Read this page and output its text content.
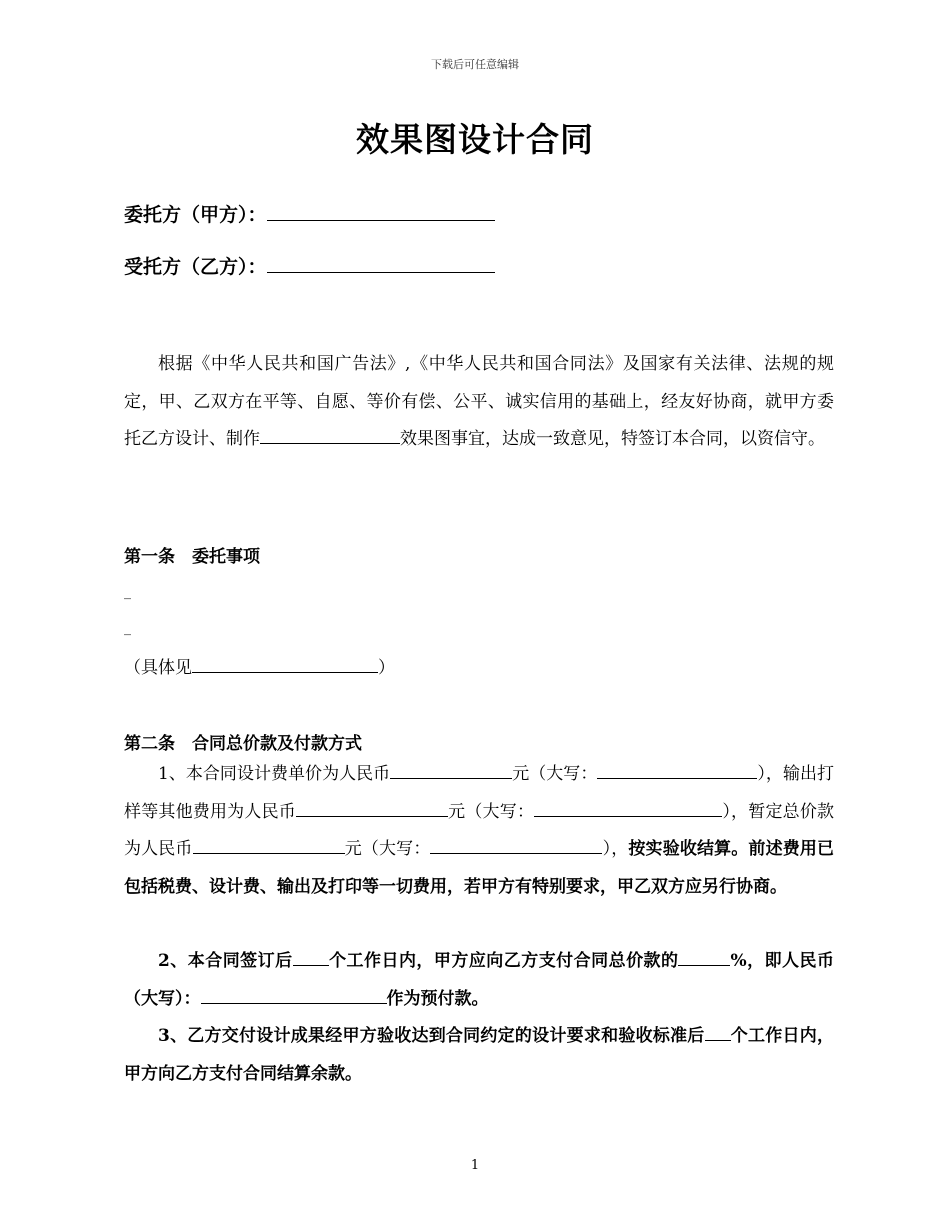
下载后可任意编辑
效果图设计合同
委托方（甲方）：
受托方（乙方）：
根据《中华人民共和国广告法》,《中华人民共和国合同法》及国家有关法律、法规的规定，甲、乙双方在平等、自愿、等价有偿、公平、诚实信用的基础上，经友好协商，就甲方委托乙方设计、制作	效果图事宜，达成一致意见，特签订本合同，以资信守。
第一条　委托事项
_
_
（具体见	）
第二条　合同总价款及付款方式
1、本合同设计费单价为人民币	元（大写：	），输出打样等其他费用为人民币	元（大写：	），暂定总价款为人民币	元（大写：	），按实验收结算。前述费用已包括税费、设计费、输出及打印等一切费用，若甲方有特别要求，甲乙双方应另行协商。
2、本合同签订后 个工作日内，甲方应向乙方支付合同总价款的	%，即人民币（大写）：	作为预付款。
3、乙方交付设计成果经甲方验收达到合同约定的设计要求和验收标准后 个工作日内，甲方向乙方支付合同结算余款。
1
